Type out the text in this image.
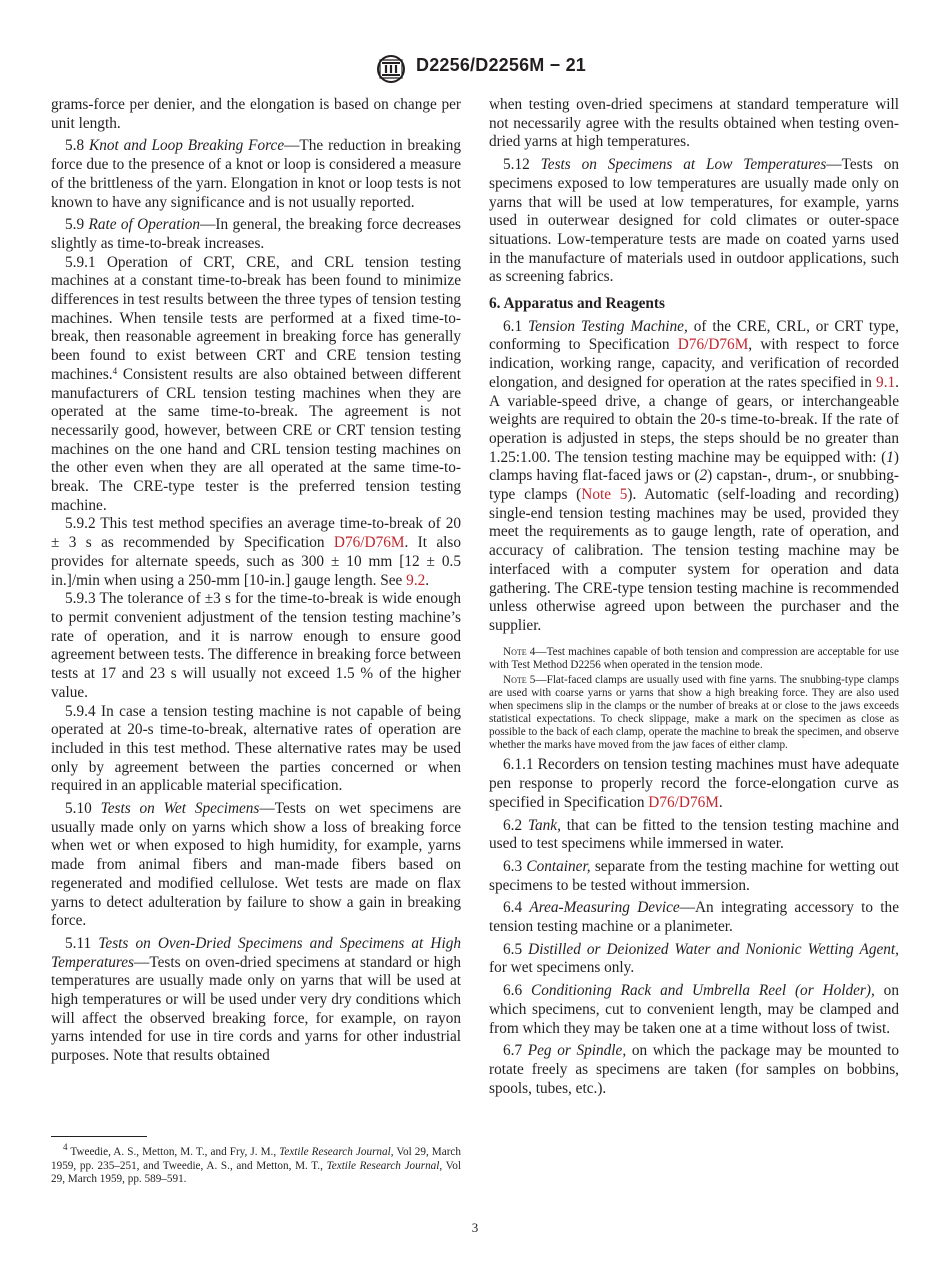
D2256/D2256M − 21

grams-force per denier, and the elongation is based on change per unit length.

5.8 Knot and Loop Breaking Force—The reduction in breaking force due to the presence of a knot or loop is considered a measure of the brittleness of the yarn. Elongation in knot or loop tests is not known to have any significance and is not usually reported.

5.9 Rate of Operation—In general, the breaking force decreases slightly as time-to-break increases.

5.9.1 Operation of CRT, CRE, and CRL tension testing machines at a constant time-to-break has been found to minimize differences in test results between the three types of tension testing machines. When tensile tests are performed at a fixed time-to-break, then reasonable agreement in breaking force has generally been found to exist between CRT and CRE tension testing machines.$^4$ Consistent results are also obtained between different manufacturers of CRL tension testing machines when they are operated at the same time-to-break. The agreement is not necessarily good, however, between CRE or CRT tension testing machines on the one hand and CRL tension testing machines on the other even when they are all operated at the same time-to-break. The CRE-type tester is the preferred tension testing machine.

5.9.2 This test method specifies an average time-to-break of 20 ± 3 s as recommended by Specification D76/D76M. It also provides for alternate speeds, such as 300 ± 10 mm [12 ± 0.5 in.]/min when using a 250-mm [10-in.] gauge length. See 9.2.

5.9.3 The tolerance of ±3 s for the time-to-break is wide enough to permit convenient adjustment of the tension testing machine’s rate of operation, and it is narrow enough to ensure good agreement between tests. The difference in breaking force between tests at 17 and 23 s will usually not exceed 1.5 % of the higher value.

5.9.4 In case a tension testing machine is not capable of being operated at 20-s time-to-break, alternative rates of operation are included in this test method. These alternative rates may be used only by agreement between the parties concerned or when required in an applicable material specification.

5.10 Tests on Wet Specimens—Tests on wet specimens are usually made only on yarns which show a loss of breaking force when wet or when exposed to high humidity, for example, yarns made from animal fibers and man-made fibers based on regenerated and modified cellulose. Wet tests are made on flax yarns to detect adulteration by failure to show a gain in breaking force.

5.11 Tests on Oven-Dried Specimens and Specimens at High Temperatures—Tests on oven-dried specimens at standard or high temperatures are usually made only on yarns that will be used at high temperatures or will be used under very dry conditions which will affect the observed breaking force, for example, on rayon yarns intended for use in tire cords and yarns for other industrial purposes. Note that results obtained

$^4$ Tweedie, A. S., Metton, M. T., and Fry, J. M., Textile Research Journal, Vol 29, March 1959, pp. 235–251, and Tweedie, A. S., and Metton, M. T., Textile Research Journal, Vol 29, March 1959, pp. 589–591.

when testing oven-dried specimens at standard temperature will not necessarily agree with the results obtained when testing oven-dried yarns at high temperatures.

5.12 Tests on Specimens at Low Temperatures—Tests on specimens exposed to low temperatures are usually made only on yarns that will be used at low temperatures, for example, yarns used in outerwear designed for cold climates or outer-space situations. Low-temperature tests are made on coated yarns used in the manufacture of materials used in outdoor applications, such as screening fabrics.

6. Apparatus and Reagents

6.1 Tension Testing Machine, of the CRE, CRL, or CRT type, conforming to Specification D76/D76M, with respect to force indication, working range, capacity, and verification of recorded elongation, and designed for operation at the rates specified in 9.1. A variable-speed drive, a change of gears, or interchangeable weights are required to obtain the 20-s time-to-break. If the rate of operation is adjusted in steps, the steps should be no greater than 1.25:1.00. The tension testing machine may be equipped with: (1) clamps having flat-faced jaws or (2) capstan-, drum-, or snubbing-type clamps (Note 5). Automatic (self-loading and recording) single-end tension testing machines may be used, provided they meet the requirements as to gauge length, rate of operation, and accuracy of calibration. The tension testing machine may be interfaced with a computer system for operation and data gathering. The CRE-type tension testing machine is recommended unless otherwise agreed upon between the purchaser and the supplier.

Note 4—Test machines capable of both tension and compression are acceptable for use with Test Method D2256 when operated in the tension mode.

Note 5—Flat-faced clamps are usually used with fine yarns. The snubbing-type clamps are used with coarse yarns or yarns that show a high breaking force. They are also used when specimens slip in the clamps or the number of breaks at or close to the jaws exceeds statistical expectations. To check slippage, make a mark on the specimen as close as possible to the back of each clamp, operate the machine to break the specimen, and observe whether the marks have moved from the jaw faces of either clamp.

6.1.1 Recorders on tension testing machines must have adequate pen response to properly record the force-elongation curve as specified in Specification D76/D76M.

6.2 Tank, that can be fitted to the tension testing machine and used to test specimens while immersed in water.

6.3 Container, separate from the testing machine for wetting out specimens to be tested without immersion.

6.4 Area-Measuring Device—An integrating accessory to the tension testing machine or a planimeter.

6.5 Distilled or Deionized Water and Nonionic Wetting Agent, for wet specimens only.

6.6 Conditioning Rack and Umbrella Reel (or Holder), on which specimens, cut to convenient length, may be clamped and from which they may be taken one at a time without loss of twist.

6.7 Peg or Spindle, on which the package may be mounted to rotate freely as specimens are taken (for samples on bobbins, spools, tubes, etc.).

3
